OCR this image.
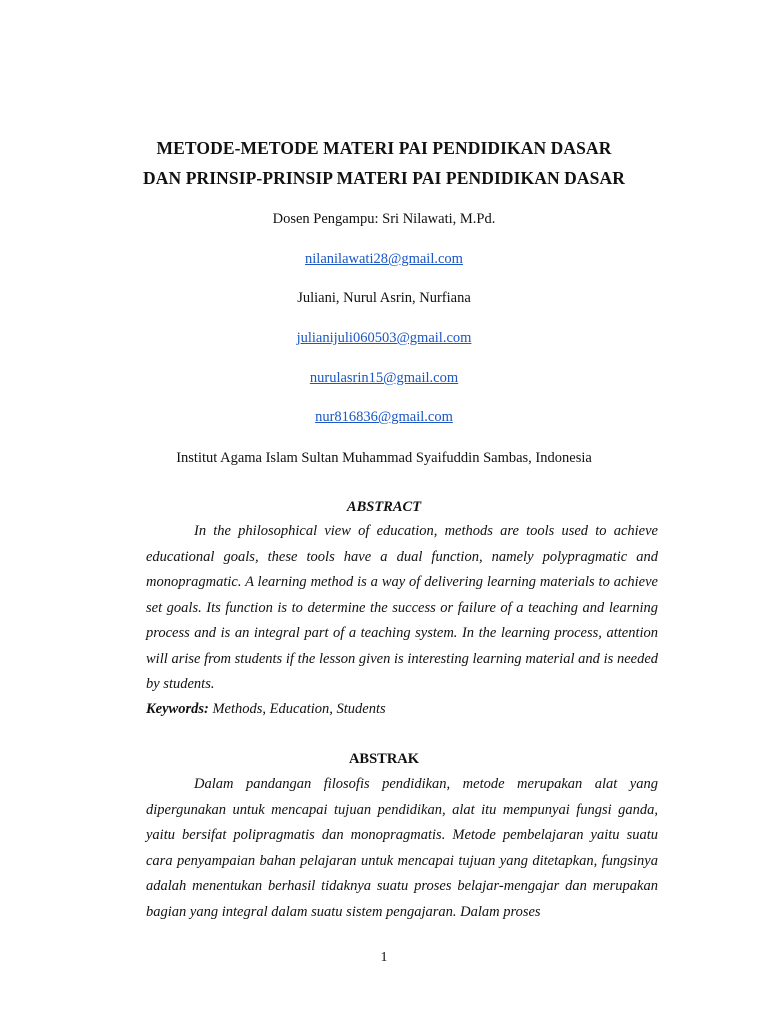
METODE-METODE MATERI PAI PENDIDIKAN DASAR
DAN PRINSIP-PRINSIP MATERI PAI PENDIDIKAN DASAR
Dosen Pengampu: Sri Nilawati, M.Pd.
nilanilawati28@gmail.com
Juliani, Nurul Asrin, Nurfiana
julianijuli060503@gmail.com
nurulasrin15@gmail.com
nur816836@gmail.com
Institut Agama Islam Sultan Muhammad Syaifuddin Sambas, Indonesia
ABSTRACT
In the philosophical view of education, methods are tools used to achieve educational goals, these tools have a dual function, namely polypragmatic and monopragmatic. A learning method is a way of delivering learning materials to achieve set goals. Its function is to determine the success or failure of a teaching and learning process and is an integral part of a teaching system. In the learning process, attention will arise from students if the lesson given is interesting learning material and is needed by students.
Keywords: Methods, Education, Students
ABSTRAK
Dalam pandangan filosofis pendidikan, metode merupakan alat yang dipergunakan untuk mencapai tujuan pendidikan, alat itu mempunyai fungsi ganda, yaitu bersifat polipragmatis dan monopragmatis. Metode pembelajaran yaitu suatu cara penyampaian bahan pelajaran untuk mencapai tujuan yang ditetapkan, fungsinya adalah menentukan berhasil tidaknya suatu proses belajar-mengajar dan merupakan bagian yang integral dalam suatu sistem pengajaran. Dalam proses
1
